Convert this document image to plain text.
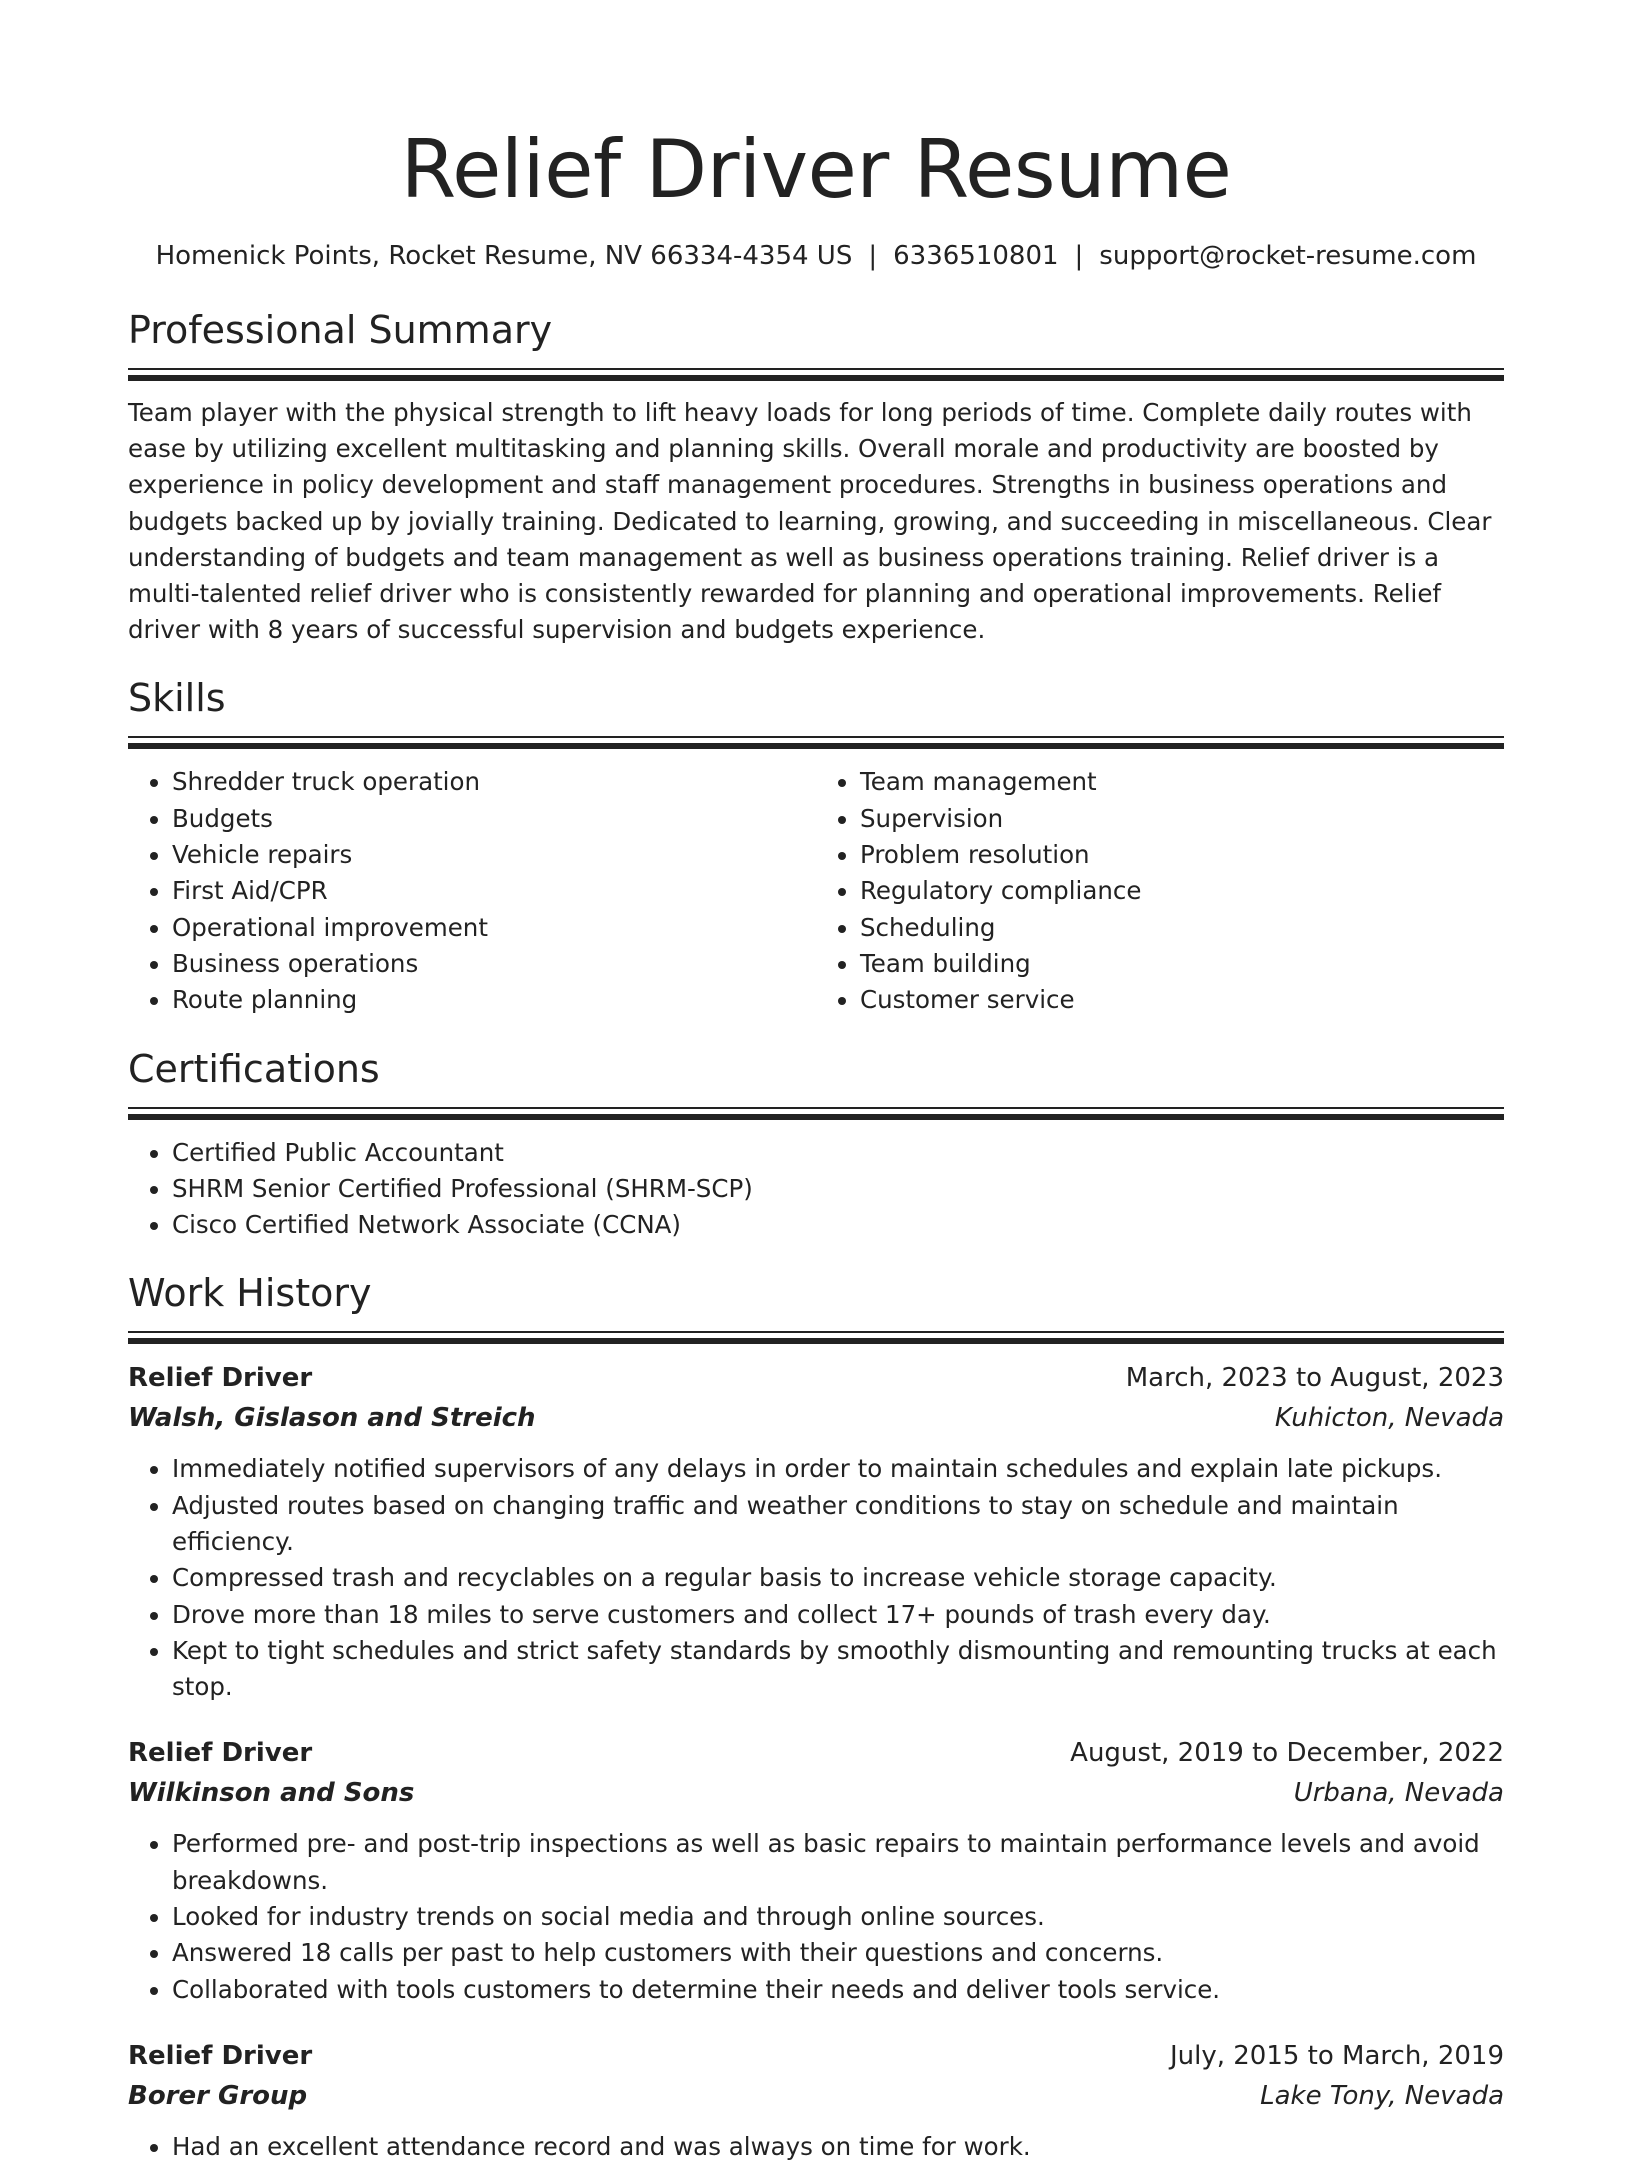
Relief Driver Resume
Homenick Points, Rocket Resume, NV 66334-4354 US | 6336510801 | support@rocket-resume.com
Professional Summary

Team player with the physical strength to lift heavy loads for long periods of time. Complete daily routes with ease by utilizing excellent multitasking and planning skills. Overall morale and productivity are boosted by experience in policy development and staff management procedures. Strengths in business operations and budgets backed up by jovially training. Dedicated to learning, growing, and succeeding in miscellaneous. Clear understanding of budgets and team management as well as business operations training. Relief driver is a multi-talented relief driver who is consistently rewarded for planning and operational improvements. Relief driver with 8 years of successful supervision and budgets experience.

Skills
• Shredder truck operation
• Budgets
• Vehicle repairs
• First Aid/CPR
• Operational improvement
• Business operations
• Route planning
• Team management
• Supervision
• Problem resolution
• Regulatory compliance
• Scheduling
• Team building
• Customer service
Certifications
• Certified Public Accountant
• SHRM Senior Certified Professional (SHRM-SCP)
• Cisco Certified Network Associate (CCNA)
Work History
Relief Driver	March, 2023 to August, 2023
Walsh, Gislason and Streich	Kuhicton, Nevada
• Immediately notified supervisors of any delays in order to maintain schedules and explain late pickups.
• Adjusted routes based on changing traffic and weather conditions to stay on schedule and maintain efficiency.
• Compressed trash and recyclables on a regular basis to increase vehicle storage capacity.
• Drove more than 18 miles to serve customers and collect 17+ pounds of trash every day.
• Kept to tight schedules and strict safety standards by smoothly dismounting and remounting trucks at each stop.
Relief Driver	August, 2019 to December, 2022
Wilkinson and Sons	Urbana, Nevada
• Performed pre- and post-trip inspections as well as basic repairs to maintain performance levels and avoid breakdowns.
• Looked for industry trends on social media and through online sources.
• Answered 18 calls per past to help customers with their questions and concerns.
• Collaborated with tools customers to determine their needs and deliver tools service.
Relief Driver	July, 2015 to March, 2019
Borer Group	Lake Tony, Nevada
• Had an excellent attendance record and was always on time for work.
